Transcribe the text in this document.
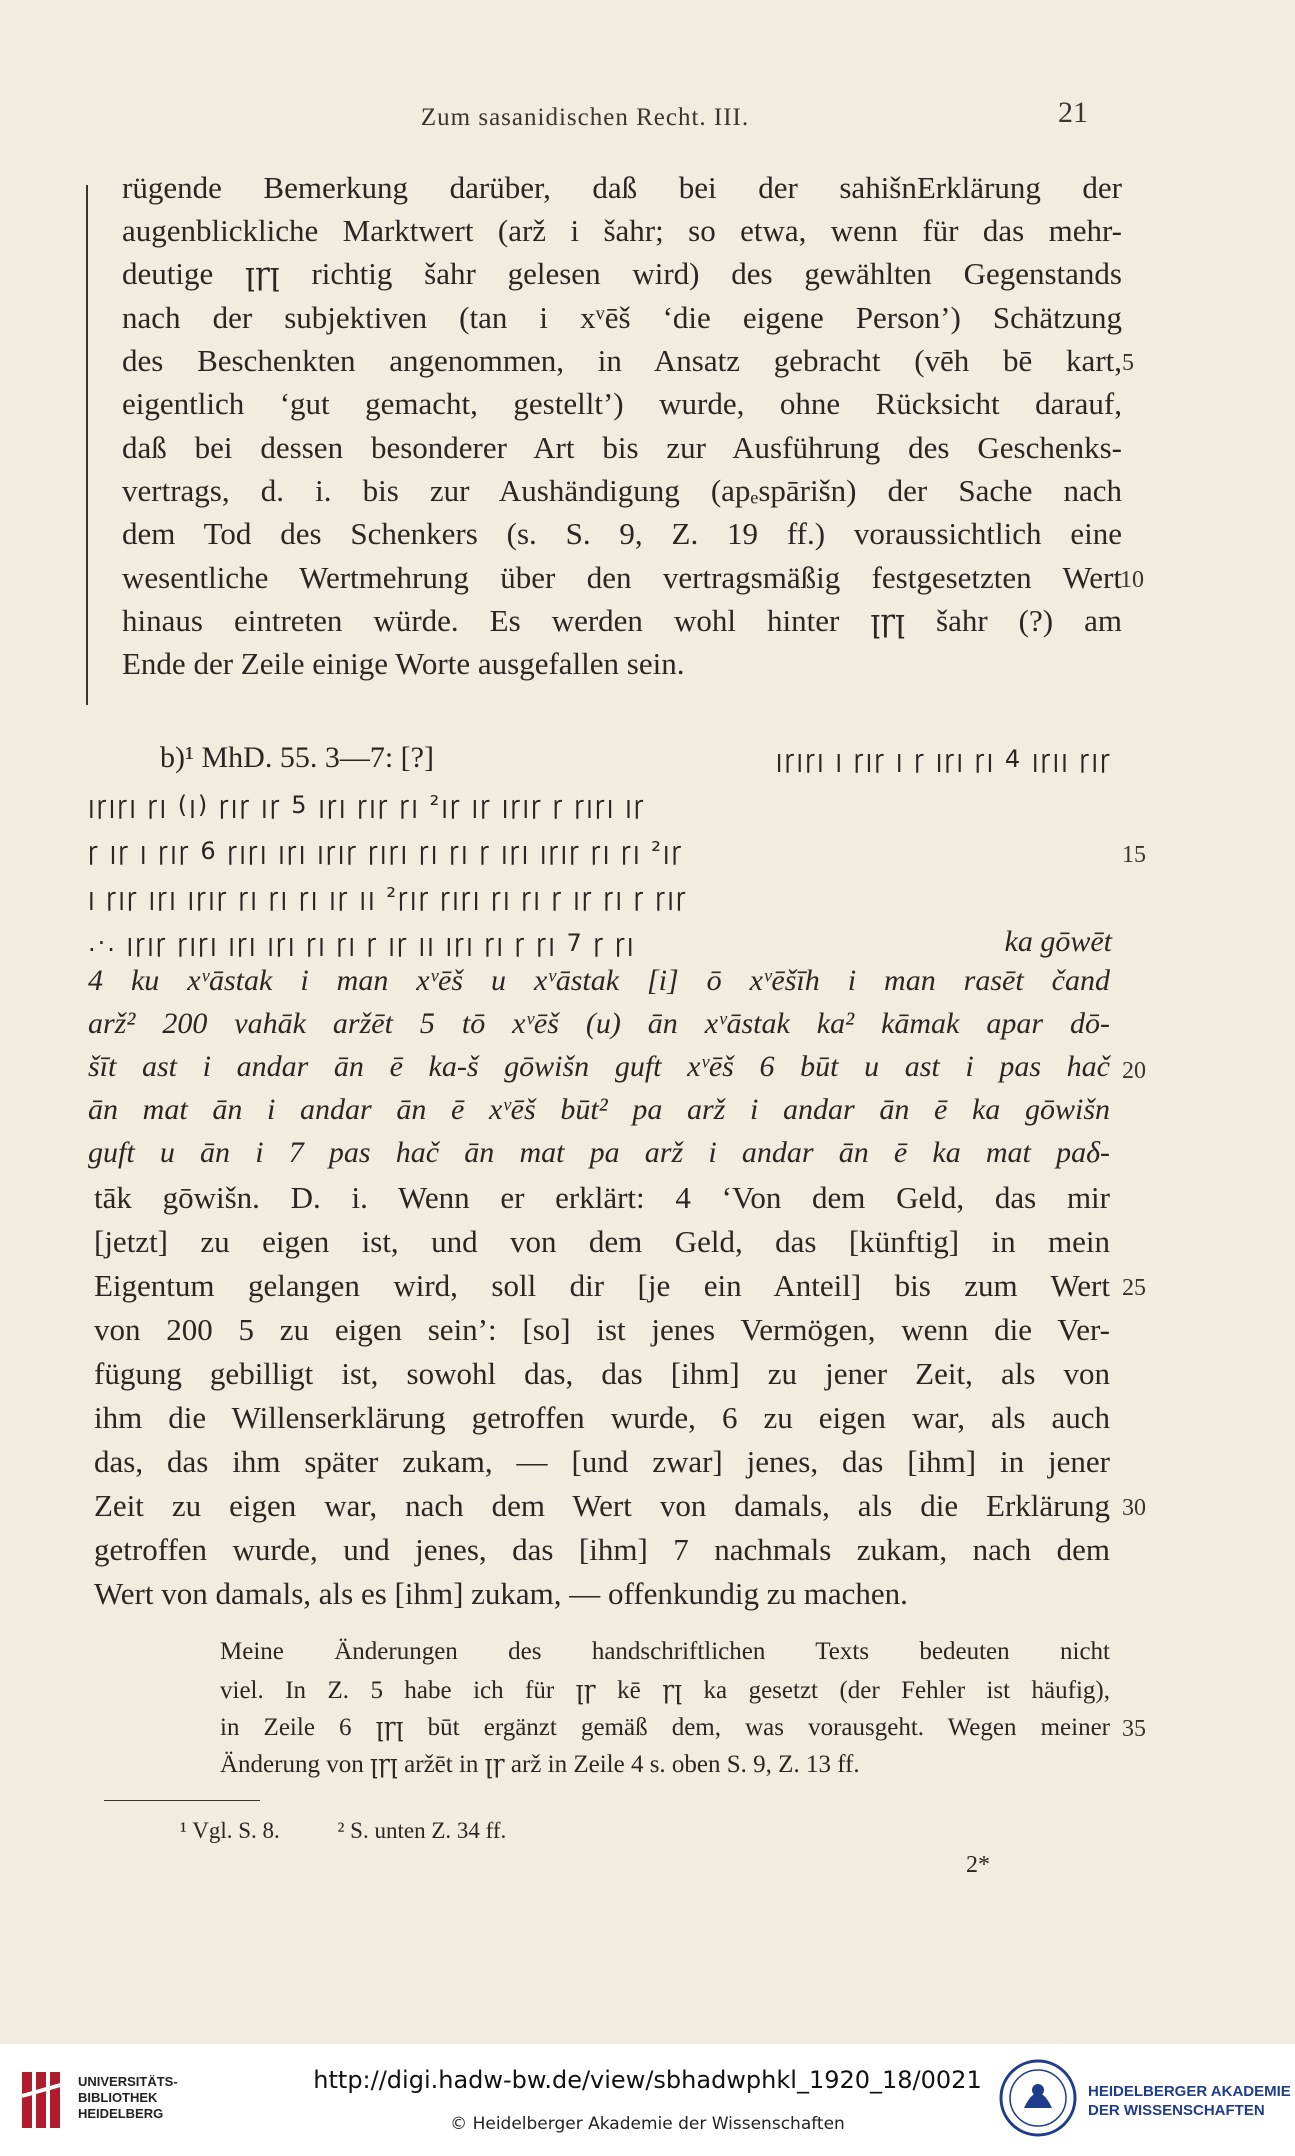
Zum sasanidischen Recht. III.	21
rügende Bemerkung darüber, daß bei der sahišnErklärung der
augenblickliche Marktwert (arž i šahr; so etwa, wenn für das mehr-
deutige ꞁꞅꞁ richtig šahr gelesen wird) des gewählten Gegenstands
nach der subjektiven (tan i xᵛēš ‘die eigene Person’) Schätzung
des Beschenkten angenommen, in Ansatz gebracht (vēh bē kart, 5
eigentlich ‘gut gemacht, gestellt’) wurde, ohne Rücksicht darauf,
daß bei dessen besonderer Art bis zur Ausführung des Geschenks-
vertrags, d. i. bis zur Aushändigung (apₑspārišn) der Sache nach
dem Tod des Schenkers (s. S. 9, Z. 19 ff.) voraussichtlich eine
wesentliche Wertmehrung über den vertragsmäßig festgesetzten Wert
10
hinaus eintreten würde. Es werden wohl hinter ꞁꞅꞁ šahr (?) am
Ende der Zeile einige Worte ausgefallen sein.
b)¹ MhD. 55. 3—7: [?]	ꞁꞅꞁꞅꞁ ꞁ ꞅꞁꞅ ꞁ ꞅ ꞁꞅꞁ ꞅꞁ 4 ꞁꞅꞁꞁ ꞅꞁꞅ
ꞁꞅꞁꞅꞁ ꞅꞁ (ꞁ) ꞅꞁꞅ ꞁꞅ 5 ꞁꞅꞁ ꞅꞁꞅ ꞅꞁ ²ꞁꞅ ꞁꞅ ꞁꞅꞁꞅ ꞅ ꞅꞁꞅꞁ ꞁꞅ
ꞅ ꞁꞅ ꞁ ꞅꞁꞅ 6 ꞅꞁꞅꞁ ꞁꞅꞁ ꞁꞅꞁꞅ ꞅꞁꞅꞁ ꞅꞁ ꞅꞁ ꞅ ꞁꞅꞁ ꞁꞅꞁꞅ ꞅꞁ ꞅꞁ ²ꞁꞅ	15
ꞁ ꞅꞁꞅ ꞁꞅꞁ ꞁꞅꞁꞅ ꞅꞁ ꞅꞁ ꞅꞁ ꞁꞅ ꞁꞁ ²ꞅꞁꞅ ꞅꞁꞅꞁ ꞅꞁ ꞅꞁ ꞅ ꞁꞅ ꞅꞁ ꞅ ꞅꞁꞅ
.·. ꞁꞅꞁꞅ ꞅꞁꞅꞁ ꞁꞅꞁ ꞁꞅꞁ ꞅꞁ ꞅꞁ ꞅ ꞁꞅ ꞁꞁ ꞁꞅꞁ ꞅꞁ ꞅ ꞅꞁ 7 ꞅ ꞅꞁ	ka gōwēt
4 ku xᵛāstak i man xᵛēš u xᵛāstak [i] ō xᵛēšīh i man rasēt čand
arž² 200 vahāk aržēt 5 tō xᵛēš (u) ān xᵛāstak ka² kāmak apar dō-
šīt ast i andar ān ē ka-š gōwišn guft xᵛēš 6 būt u ast i pas hač 20
ān mat ān i andar ān ē xᵛēš būt² pa arž i andar ān ē ka gōwišn
guft u ān i 7 pas hač ān mat pa arž i andar ān ē ka mat paδ-
tāk gōwišn. D. i. Wenn er erklärt: 4 ‘Von dem Geld, das mir
[jetzt] zu eigen ist, und von dem Geld, das [künftig] in mein
Eigentum gelangen wird, soll dir [je ein Anteil] bis zum Wert 25
von 200 5 zu eigen sein’: [so] ist jenes Vermögen, wenn die Ver-
fügung gebilligt ist, sowohl das, das [ihm] zu jener Zeit, als von
ihm die Willenserklärung getroffen wurde, 6 zu eigen war, als auch
das, das ihm später zukam, — [und zwar] jenes, das [ihm] in jener
Zeit zu eigen war, nach dem Wert von damals, als die Erklärung 30
getroffen wurde, und jenes, das [ihm] 7 nachmals zukam, nach dem
Wert von damals, als es [ihm] zukam, — offenkundig zu machen.
Meine Änderungen des handschriftlichen Texts bedeuten nicht
viel. In Z. 5 habe ich für ꞁꞅ kē ꞅꞁ ka gesetzt (der Fehler ist häufig),
in Zeile 6 ꞁꞅꞁ būt ergänzt gemäß dem, was vorausgeht. Wegen meiner 35
Änderung von ꞁꞅꞁ aržēt in ꞁꞅ arž in Zeile 4 s. oben S. 9, Z. 13 ff.
¹ Vgl. S. 8.	² S. unten Z. 34 ff.
2*
UNIVERSITÄTS-
BIBLIOTHEK
HEIDELBERG
http://digi.hadw-bw.de/view/sbhadwphkl_1920_18/0021
© Heidelberger Akademie der Wissenschaften
HEIDELBERGER AKADEMIE
DER WISSENSCHAFTEN
